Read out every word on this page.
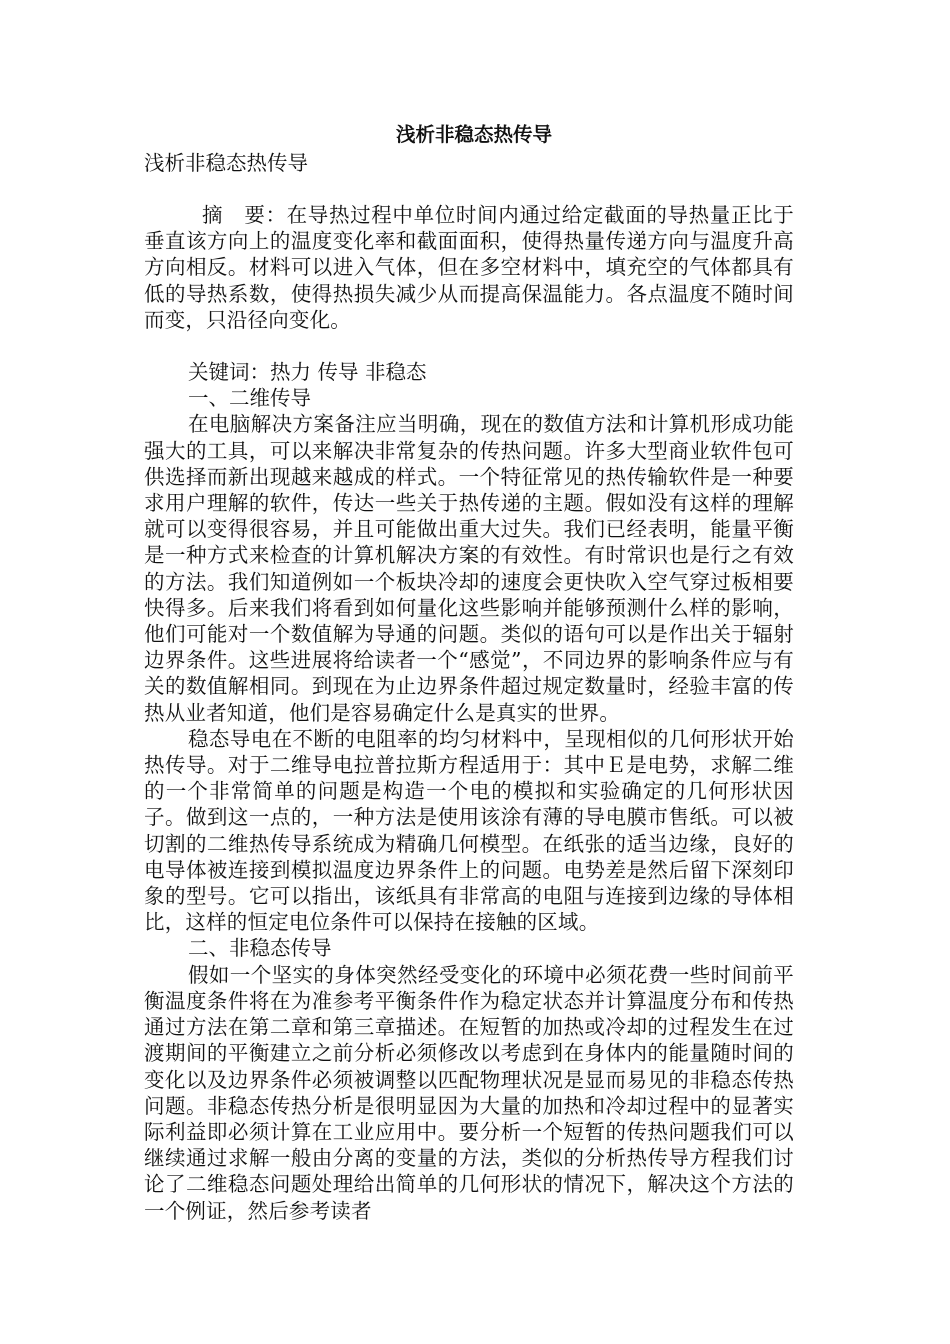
浅析非稳态热传导

浅析非稳态热传导

摘　要：在导热过程中单位时间内通过给定截面的导热量正比于垂直该方向上的温度变化率和截面面积，使得热量传递方向与温度升高方向相反。材料可以进入气体，但在多空材料中，填充空的气体都具有低的导热系数，使得热损失减少从而提高保温能力。各点温度不随时间而变，只沿径向变化。

关键词：热力 传导 非稳态

一、二维传导

在电脑解决方案备注应当明确，现在的数值方法和计算机形成功能强大的工具，可以来解决非常复杂的传热问题。许多大型商业软件包可供选择而新出现越来越成的样式。一个特征常见的热传输软件是一种要求用户理解的软件，传达一些关于热传递的主题。假如没有这样的理解就可以变得很容易，并且可能做出重大过失。我们已经表明，能量平衡是一种方式来检查的计算机解决方案的有效性。有时常识也是行之有效的方法。我们知道例如一个板块冷却的速度会更快吹入空气穿过板相要快得多。后来我们将看到如何量化这些影响并能够预测什么样的影响，他们可能对一个数值解为导通的问题。类似的语句可以是作出关于辐射边界条件。这些进展将给读者一个“感觉”，不同边界的影响条件应与有关的数值解相同。到现在为止边界条件超过规定数量时，经验丰富的传热从业者知道，他们是容易确定什么是真实的世界。

稳态导电在不断的电阻率的均匀材料中，呈现相似的几何形状开始热传导。对于二维导电拉普拉斯方程适用于：其中Ｅ是电势，求解二维的一个非常简单的问题是构造一个电的模拟和实验确定的几何形状因子。做到这一点的，一种方法是使用该涂有薄的导电膜市售纸。可以被切割的二维热传导系统成为精确几何模型。在纸张的适当边缘，良好的电导体被连接到模拟温度边界条件上的问题。电势差是然后留下深刻印象的型号。它可以指出，该纸具有非常高的电阻与连接到边缘的导体相比，这样的恒定电位条件可以保持在接触的区域。

二、非稳态传导

假如一个坚实的身体突然经受变化的环境中必须花费一些时间前平衡温度条件将在为准参考平衡条件作为稳定状态并计算温度分布和传热通过方法在第二章和第三章描述。在短暂的加热或冷却的过程发生在过渡期间的平衡建立之前分析必须修改以考虑到在身体内的能量随时间的变化以及边界条件必须被调整以匹配物理状况是显而易见的非稳态传热问题。非稳态传热分析是很明显因为大量的加热和冷却过程中的显著实际利益即必须计算在工业应用中。要分析一个短暂的传热问题我们可以继续通过求解一般由分离的变量的方法，类似的分析热传导方程我们讨论了二维稳态问题处理给出简单的几何形状的情况下，解决这个方法的一个例证，然后参考读者
